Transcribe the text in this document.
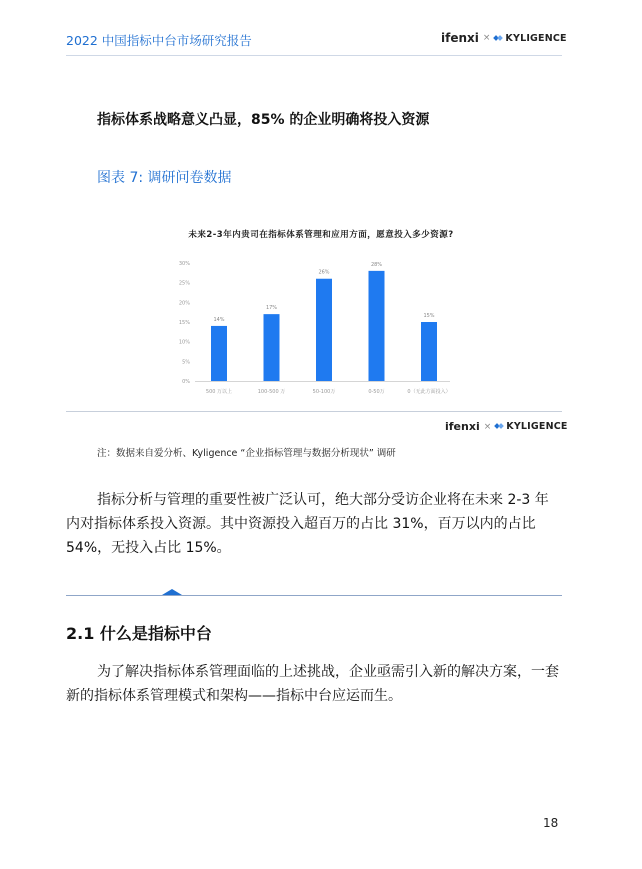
2022 中国指标中台市场研究报告	ifenxi × KYLIGENCE
指标体系战略意义凸显，85% 的企业明确将投入资源
图表 7: 调研问卷数据
未来2-3年内贵司在指标体系管理和应用方面，愿意投入多少资源?
0%
5%
10%
15%
20%
25%
30%
14%
500 万以上
17%
100-500 万
26%
50-100万
28%
0-50万
15%
0（无此方面投入）
ifenxi × KYLIGENCE
注：数据来自爱分析、Kyligence “企业指标管理与数据分析现状” 调研
指标分析与管理的重要性被广泛认可，绝大部分受访企业将在未来 2-3 年
内对指标体系投入资源。其中资源投入超百万的占比 31%，百万以内的占比
54%，无投入占比 15%。
2.1 什么是指标中台
为了解决指标体系管理面临的上述挑战，企业亟需引入新的解决方案，一套
新的指标体系管理模式和架构——指标中台应运而生。
18
